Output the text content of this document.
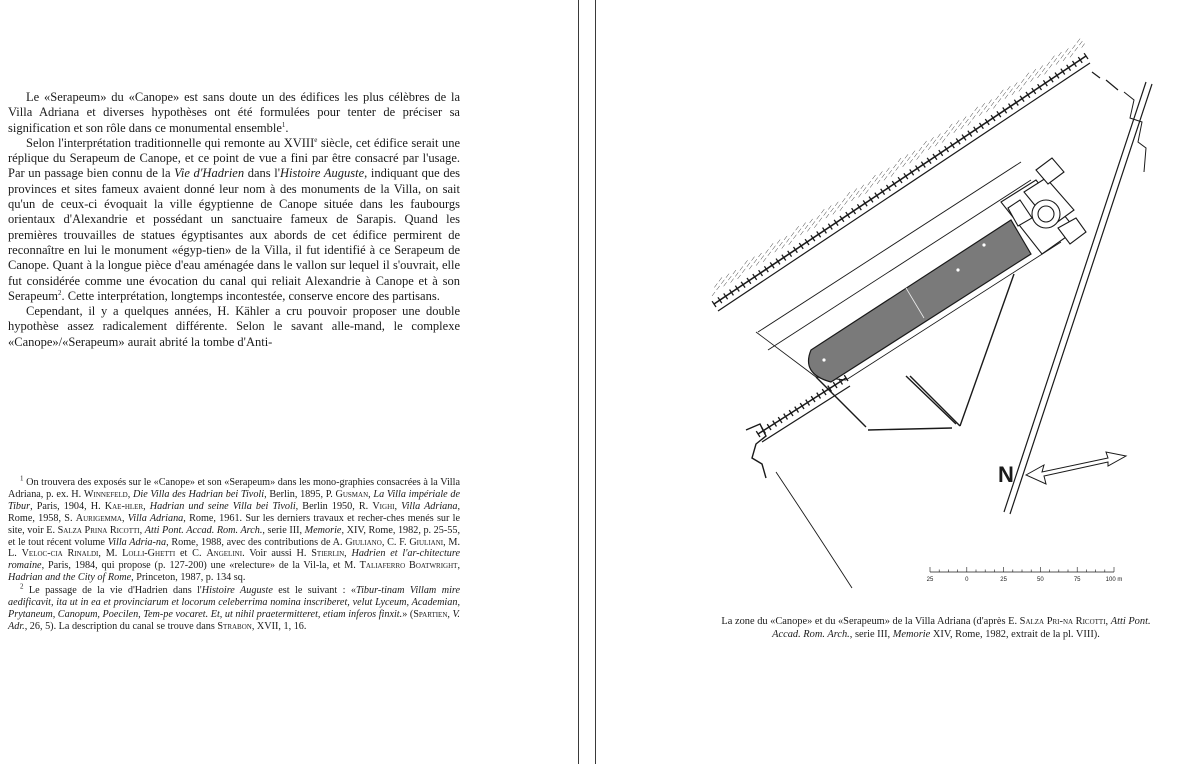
Le «Serapeum» du «Canope» est sans doute un des édifices les plus célèbres de la Villa Adriana et diverses hypothèses ont été formulées pour tenter de préciser sa signification et son rôle dans ce monumental ensemble$^1$.

Selon l'interprétation traditionnelle qui remonte au XVIIIe siècle, cet édifice serait une réplique du Serapeum de Canope, et ce point de vue a fini par être consacré par l'usage. Par un passage bien connu de la Vie d'Hadrien dans l'Histoire Auguste, indiquant que des provinces et sites fameux avaient donné leur nom à des monuments de la Villa, on sait qu'un de ceux-ci évoquait la ville égyptienne de Canope située dans les faubourgs orientaux d'Alexandrie et possédant un sanctuaire fameux de Sarapis. Quand les premières trouvailles de statues égyptisantes aux abords de cet édifice permirent de reconnaître en lui le monument «égyp-tien» de la Villa, il fut identifié à ce Serapeum de Canope. Quant à la longue pièce d'eau aménagée dans le vallon sur lequel il s'ouvrait, elle fut considérée comme une évocation du canal qui reliait Alexandrie à Canope et à son Serapeum$^2$. Cette interprétation, longtemps incontestée, conserve encore des partisans.

Cependant, il y a quelques années, H. Kähler a cru pouvoir proposer une double hypothèse assez radicalement différente. Selon le savant alle-mand, le complexe «Canope»/«Serapeum» aurait abrité la tombe d'Anti-

$^1$ On trouvera des exposés sur le «Canope» et son «Serapeum» dans les mono-graphies consacrées à la Villa Adriana, p. ex. H. Winnefeld, Die Villa des Hadrian bei Tivoli, Berlin, 1895, P. Gusman, La Villa impériale de Tibur, Paris, 1904, H. Kae-hler, Hadrian und seine Villa bei Tivoli, Berlin 1950, R. Vighi, Villa Adriana, Rome, 1958, S. Aurigemma, Villa Adriana, Rome, 1961. Sur les derniers travaux et recher-ches menés sur le site, voir E. Salza Prina Ricotti, Atti Pont. Accad. Rom. Arch., serie III, Memorie, XIV, Rome, 1982, p. 25-55, et le tout récent volume Villa Adria-na, Rome, 1988, avec des contributions de A. Giuliano, C. F. Giuliani, M. L. Veloc-cia Rinaldi, M. Lolli-Ghetti et C. Angelini. Voir aussi H. Stierlin, Hadrien et l'ar-chitecture romaine, Paris, 1984, qui propose (p. 127-200) une «relecture» de la Vil-la, et M. Taliaferro Boatwright, Hadrian and the City of Rome, Princeton, 1987, p. 134 sq.

$^2$ Le passage de la vie d'Hadrien dans l'Histoire Auguste est le suivant : «Tibur-tinam Villam mire aedificavit, ita ut in ea et provinciarum et locorum celeberrima nomina inscriberet, velut Lyceum, Academian, Prytaneum, Canopum, Poecilen, Tem-pe vocaret. Et, ut nihil praetermitteret, etiam inferos finxit.» (Spartien, V. Adr., 26, 5). La description du canal se trouve dans Strabon, XVII, 1, 16.

N
25	0	25	50	75	100 m
La zone du «Canope» et du «Serapeum» de la Villa Adriana (d'après E. Salza Pri-na Ricotti, Atti Pont. Accad. Rom. Arch., serie III, Memorie XIV, Rome, 1982, extrait de la pl. VIII).
